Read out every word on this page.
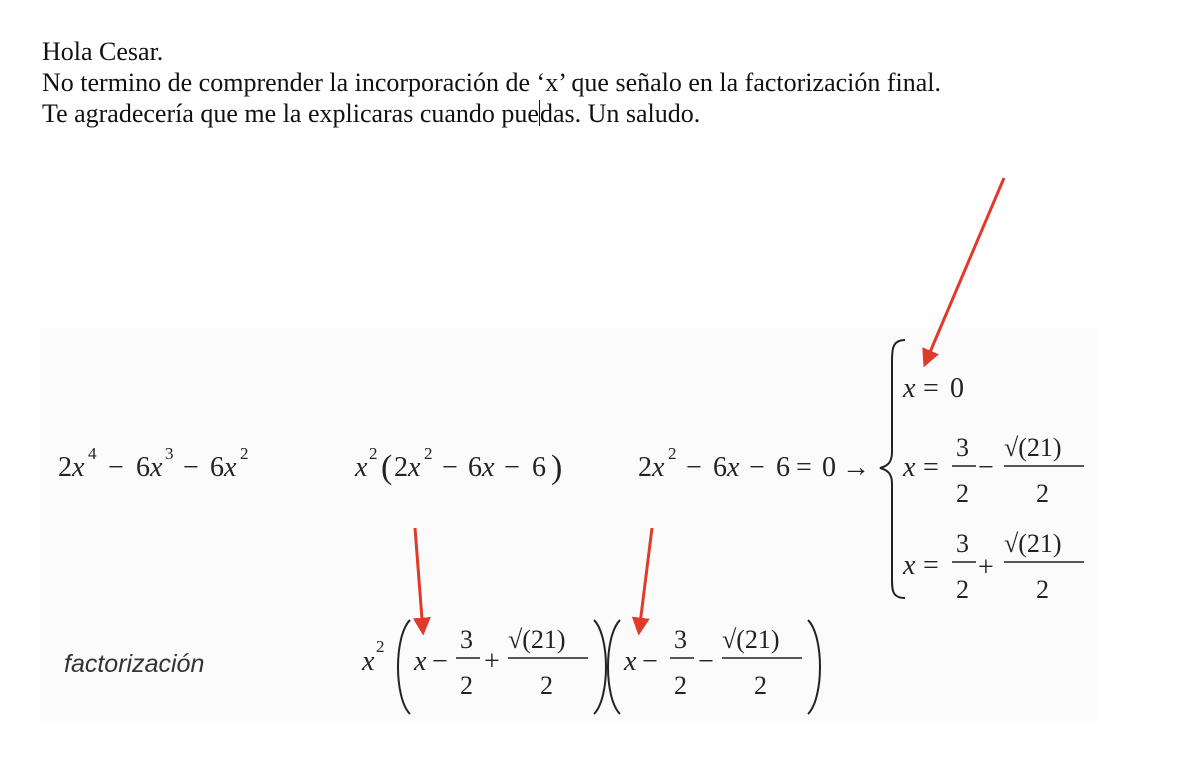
Hola Cesar.
No termino de comprender la incorporación de ‘x’ que señalo en la factorización final.
Te agradecería que me la explicaras cuando puedas. Un saludo.
2 x 4 − 6 x 3 − 6 x 2	x 2 ( 2 x 2 − 6 x − 6 )	2 x 2 − 6 x − 6 = 0 →
x = 0
x =
3
2
−
√(21)
2
x =
3
2
+
√(21)
2
factorización	x 2 x −
3
2
+
√(21)
2
x −
3
2
−
√(21)
2
